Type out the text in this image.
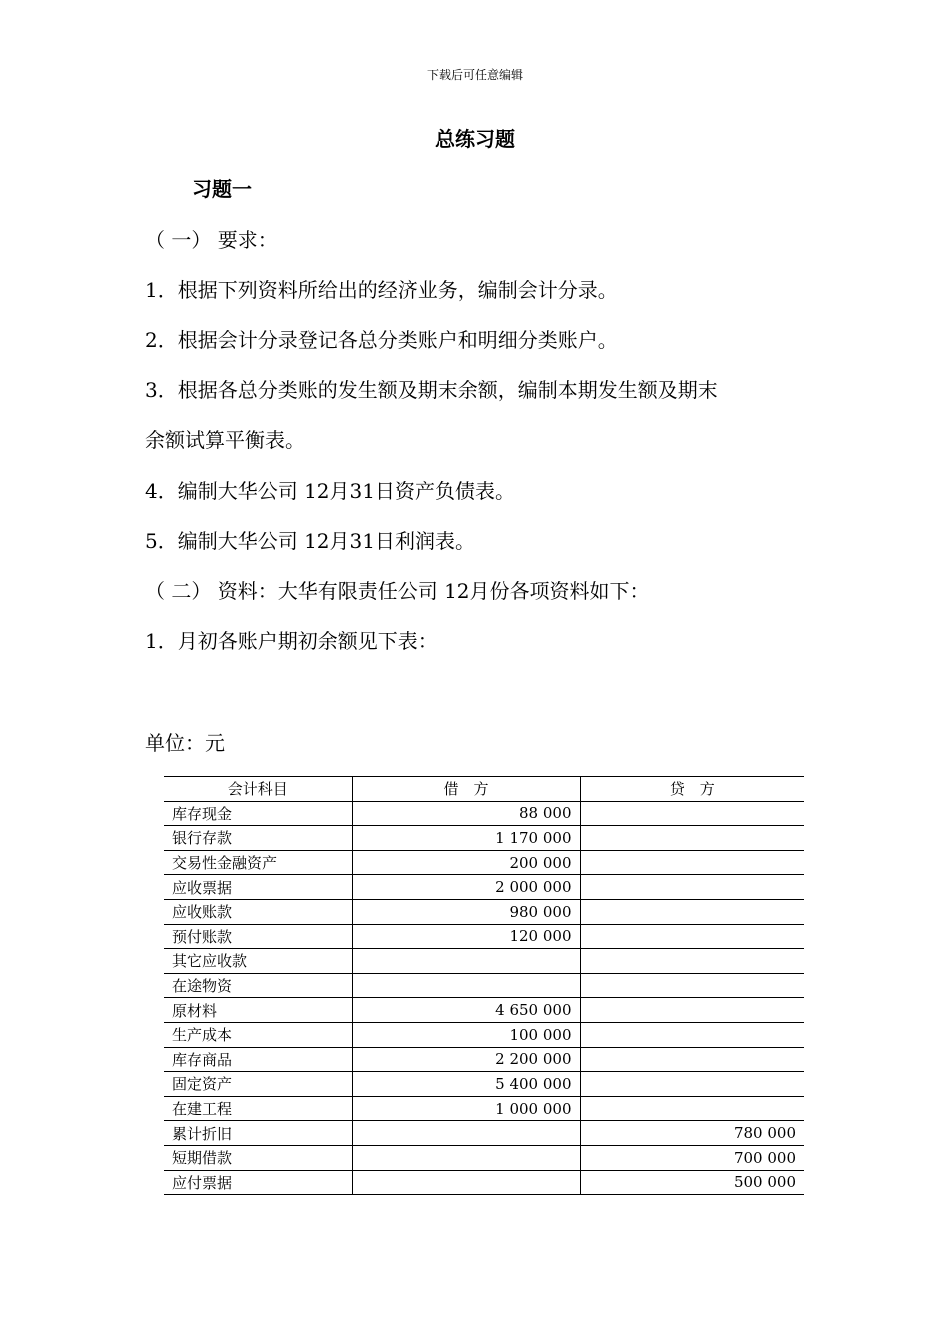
下载后可任意编辑
总练习题
习题一
（ 一） 要求：
1．根据下列资料所给出的经济业务，编制会计分录。
2．根据会计分录登记各总分类账户和明细分类账户。
3．根据各总分类账的发生额及期末余额，编制本期发生额及期末
余额试算平衡表。
4．编制大华公司 12月31日资产负债表。
5．编制大华公司 12月31日利润表。
（ 二） 资料：大华有限责任公司 12月份各项资料如下：
1．月初各账户期初余额见下表：
单位：元
会计科目	借　方	贷　方
库存现金	88 000	
银行存款	1 170 000	
交易性金融资产	200 000	
应收票据	2 000 000	
应收账款	980 000	
预付账款	120 000	
其它应收款		
在途物资		
原材料	4 650 000	
生产成本	100 000	
库存商品	2 200 000	
固定资产	5 400 000	
在建工程	1 000 000	
累计折旧		780 000
短期借款		700 000
应付票据		500 000
